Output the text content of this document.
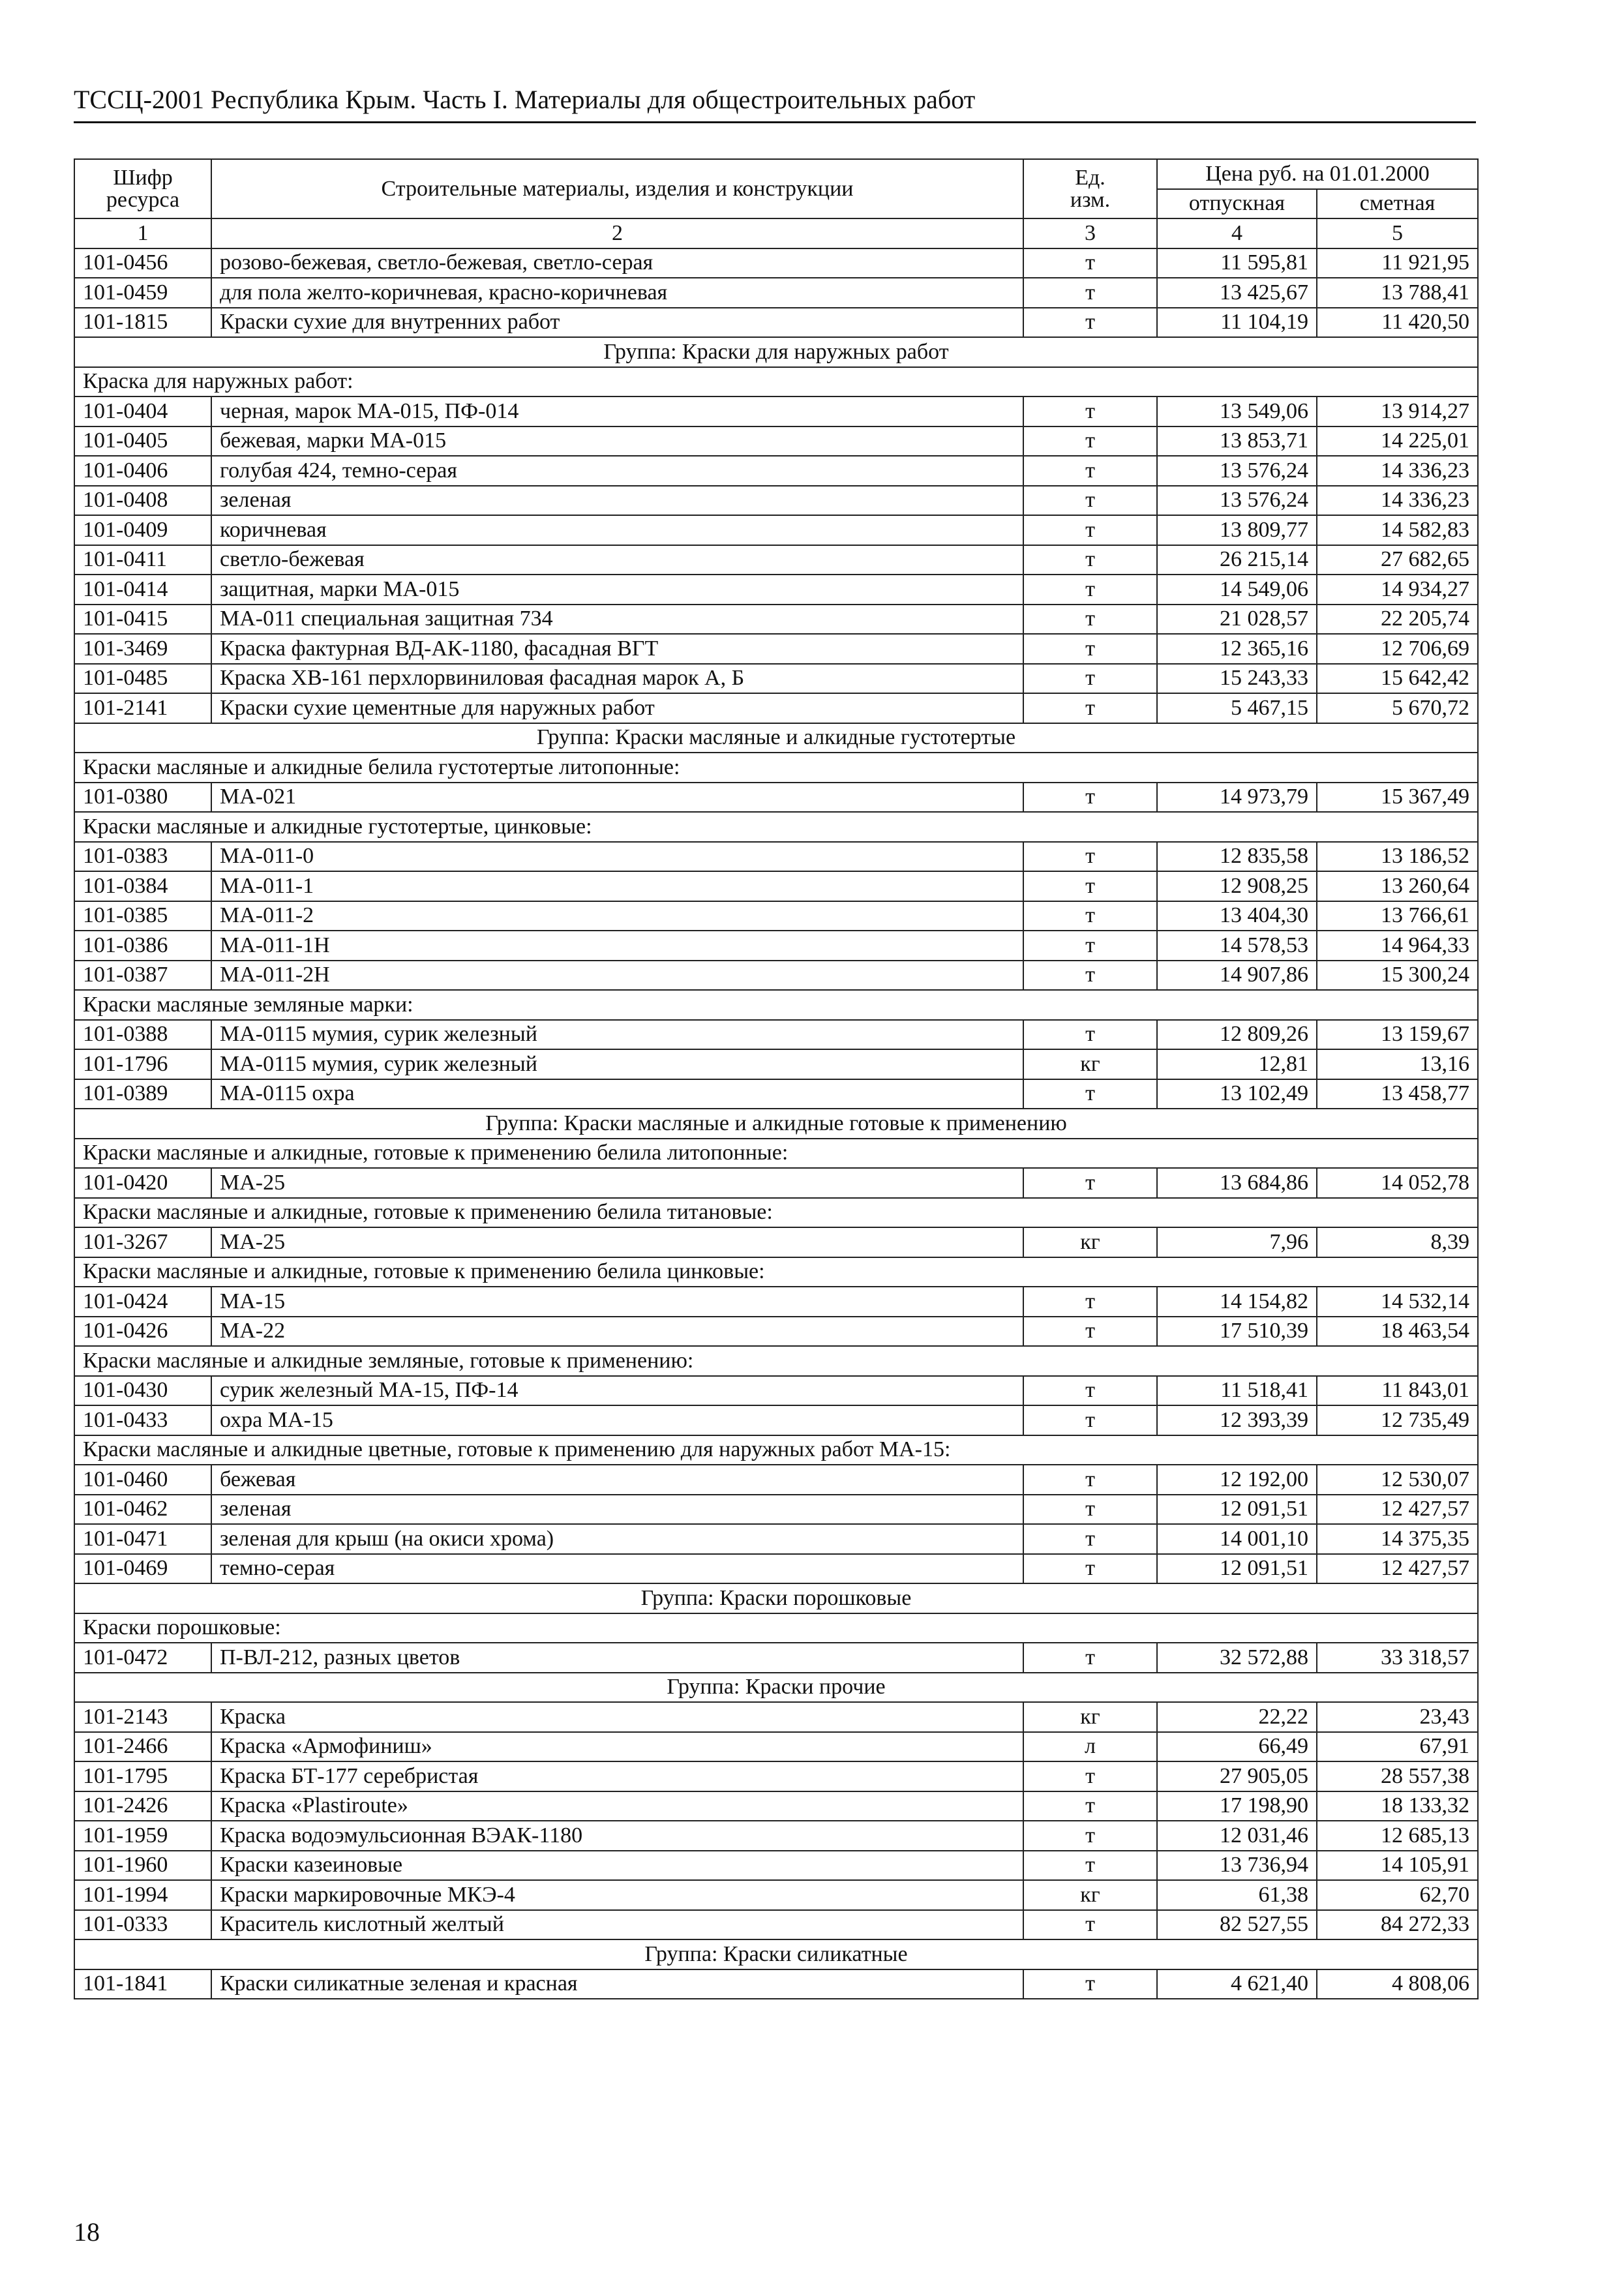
ТССЦ-2001 Республика Крым. Часть I. Материалы для общестроительных работ
Шифр
ресурса	Строительные материалы, изделия и конструкции	Ед.
изм.	Цена руб. на 01.01.2000	
			отпускная	сметная
1	2	3	4	5
101-0456	розово-бежевая, светло-бежевая, светло-серая	т	11 595,81	11 921,95
101-0459	для пола желто-коричневая, красно-коричневая	т	13 425,67	13 788,41
101-1815	Краски сухие для внутренних работ	т	11 104,19	11 420,50
Группа: Краски для наружных работ				
Краска для наружных работ:				
101-0404	черная, марок МА-015, ПФ-014	т	13 549,06	13 914,27
101-0405	бежевая, марки МА-015	т	13 853,71	14 225,01
101-0406	голубая 424, темно-серая	т	13 576,24	14 336,23
101-0408	зеленая	т	13 576,24	14 336,23
101-0409	коричневая	т	13 809,77	14 582,83
101-0411	светло-бежевая	т	26 215,14	27 682,65
101-0414	защитная, марки МА-015	т	14 549,06	14 934,27
101-0415	МА-011 специальная защитная 734	т	21 028,57	22 205,74
101-3469	Краска фактурная ВД-АК-1180, фасадная ВГТ	т	12 365,16	12 706,69
101-0485	Краска ХВ-161 перхлорвиниловая фасадная марок А, Б	т	15 243,33	15 642,42
101-2141	Краски сухие цементные для наружных работ	т	5 467,15	5 670,72
Группа: Краски масляные и алкидные густотертые				
Краски масляные и алкидные белила густотертые литопонные:				
101-0380	МА-021	т	14 973,79	15 367,49
Краски масляные и алкидные густотертые, цинковые:				
101-0383	МА-011-0	т	12 835,58	13 186,52
101-0384	МА-011-1	т	12 908,25	13 260,64
101-0385	МА-011-2	т	13 404,30	13 766,61
101-0386	МА-011-1Н	т	14 578,53	14 964,33
101-0387	МА-011-2Н	т	14 907,86	15 300,24
Краски масляные земляные марки:				
101-0388	МА-0115 мумия, сурик железный	т	12 809,26	13 159,67
101-1796	МА-0115 мумия, сурик железный	кг	12,81	13,16
101-0389	МА-0115 охра	т	13 102,49	13 458,77
Группа: Краски масляные и алкидные готовые к применению				
Краски масляные и алкидные, готовые к применению белила литопонные:				
101-0420	МА-25	т	13 684,86	14 052,78
Краски масляные и алкидные, готовые к применению белила титановые:				
101-3267	МА-25	кг	7,96	8,39
Краски масляные и алкидные, готовые к применению белила цинковые:				
101-0424	МА-15	т	14 154,82	14 532,14
101-0426	МА-22	т	17 510,39	18 463,54
Краски масляные и алкидные земляные, готовые к применению:				
101-0430	сурик железный МА-15, ПФ-14	т	11 518,41	11 843,01
101-0433	охра МА-15	т	12 393,39	12 735,49
Краски масляные и алкидные цветные, готовые к применению для наружных работ МА-15:				
101-0460	бежевая	т	12 192,00	12 530,07
101-0462	зеленая	т	12 091,51	12 427,57
101-0471	зеленая для крыш (на окиси хрома)	т	14 001,10	14 375,35
101-0469	темно-серая	т	12 091,51	12 427,57
Группа: Краски порошковые				
Краски порошковые:				
101-0472	П-ВЛ-212, разных цветов	т	32 572,88	33 318,57
Группа: Краски прочие				
101-2143	Краска	кг	22,22	23,43
101-2466	Краска «Армофиниш»	л	66,49	67,91
101-1795	Краска БТ-177 серебристая	т	27 905,05	28 557,38
101-2426	Краска «Plastiroute»	т	17 198,90	18 133,32
101-1959	Краска водоэмульсионная ВЭАК-1180	т	12 031,46	12 685,13
101-1960	Краски казеиновые	т	13 736,94	14 105,91
101-1994	Краски маркировочные МКЭ-4	кг	61,38	62,70
101-0333	Краситель кислотный желтый	т	82 527,55	84 272,33
Группа: Краски силикатные				
101-1841	Краски силикатные зеленая и красная	т	4 621,40	4 808,06
18
